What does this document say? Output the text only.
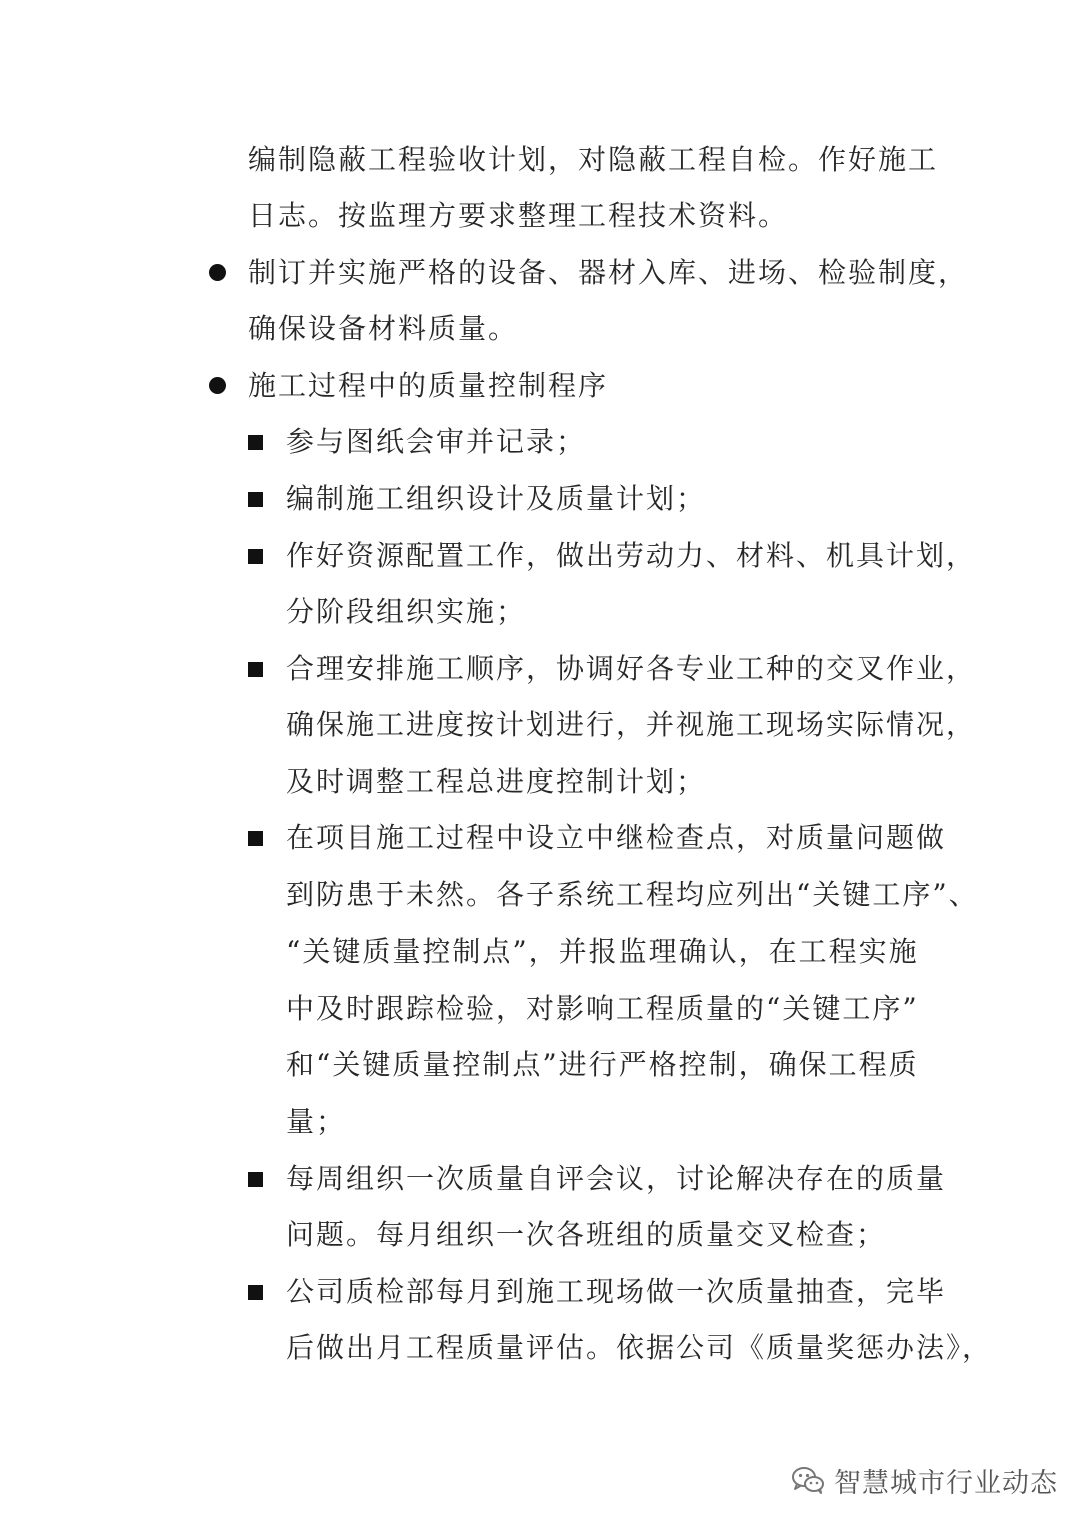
编制隐蔽工程验收计划，对隐蔽工程自检。作好施工
日志。按监理方要求整理工程技术资料。
制订并实施严格的设备、器材入库、进场、检验制度，
确保设备材料质量。
施工过程中的质量控制程序
参与图纸会审并记录；
编制施工组织设计及质量计划；
作好资源配置工作，做出劳动力、材料、机具计划，
分阶段组织实施；
合理安排施工顺序，协调好各专业工种的交叉作业，
确保施工进度按计划进行，并视施工现场实际情况，
及时调整工程总进度控制计划；
在项目施工过程中设立中继检查点，对质量问题做
到防患于未然。各子系统工程均应列出“关键工序”、
“关键质量控制点”，并报监理确认，在工程实施
中及时跟踪检验，对影响工程质量的“关键工序”
和“关键质量控制点”进行严格控制，确保工程质
量；
每周组织一次质量自评会议，讨论解决存在的质量
问题。每月组织一次各班组的质量交叉检查；
公司质检部每月到施工现场做一次质量抽查，完毕
后做出月工程质量评估。依据公司《质量奖惩办法》，
智慧城市行业动态
